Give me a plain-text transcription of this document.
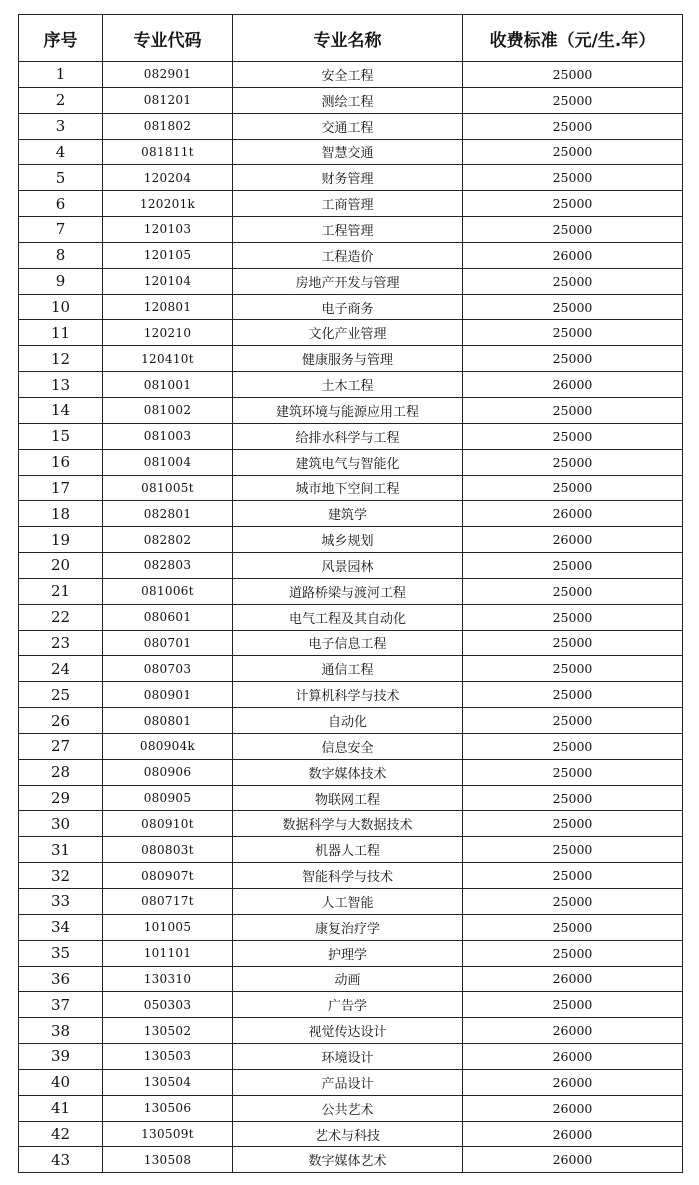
序号	专业代码	专业名称	收费标准（元/生.年）
1	082901	安全工程	25000
2	081201	测绘工程	25000
3	081802	交通工程	25000
4	081811t	智慧交通	25000
5	120204	财务管理	25000
6	120201k	工商管理	25000
7	120103	工程管理	25000
8	120105	工程造价	26000
9	120104	房地产开发与管理	25000
10	120801	电子商务	25000
11	120210	文化产业管理	25000
12	120410t	健康服务与管理	25000
13	081001	土木工程	26000
14	081002	建筑环境与能源应用工程	25000
15	081003	给排水科学与工程	25000
16	081004	建筑电气与智能化	25000
17	081005t	城市地下空间工程	25000
18	082801	建筑学	26000
19	082802	城乡规划	26000
20	082803	风景园林	25000
21	081006t	道路桥梁与渡河工程	25000
22	080601	电气工程及其自动化	25000
23	080701	电子信息工程	25000
24	080703	通信工程	25000
25	080901	计算机科学与技术	25000
26	080801	自动化	25000
27	080904k	信息安全	25000
28	080906	数字媒体技术	25000
29	080905	物联网工程	25000
30	080910t	数据科学与大数据技术	25000
31	080803t	机器人工程	25000
32	080907t	智能科学与技术	25000
33	080717t	人工智能	25000
34	101005	康复治疗学	25000
35	101101	护理学	25000
36	130310	动画	26000
37	050303	广告学	25000
38	130502	视觉传达设计	26000
39	130503	环境设计	26000
40	130504	产品设计	26000
41	130506	公共艺术	26000
42	130509t	艺术与科技	26000
43	130508	数字媒体艺术	26000
